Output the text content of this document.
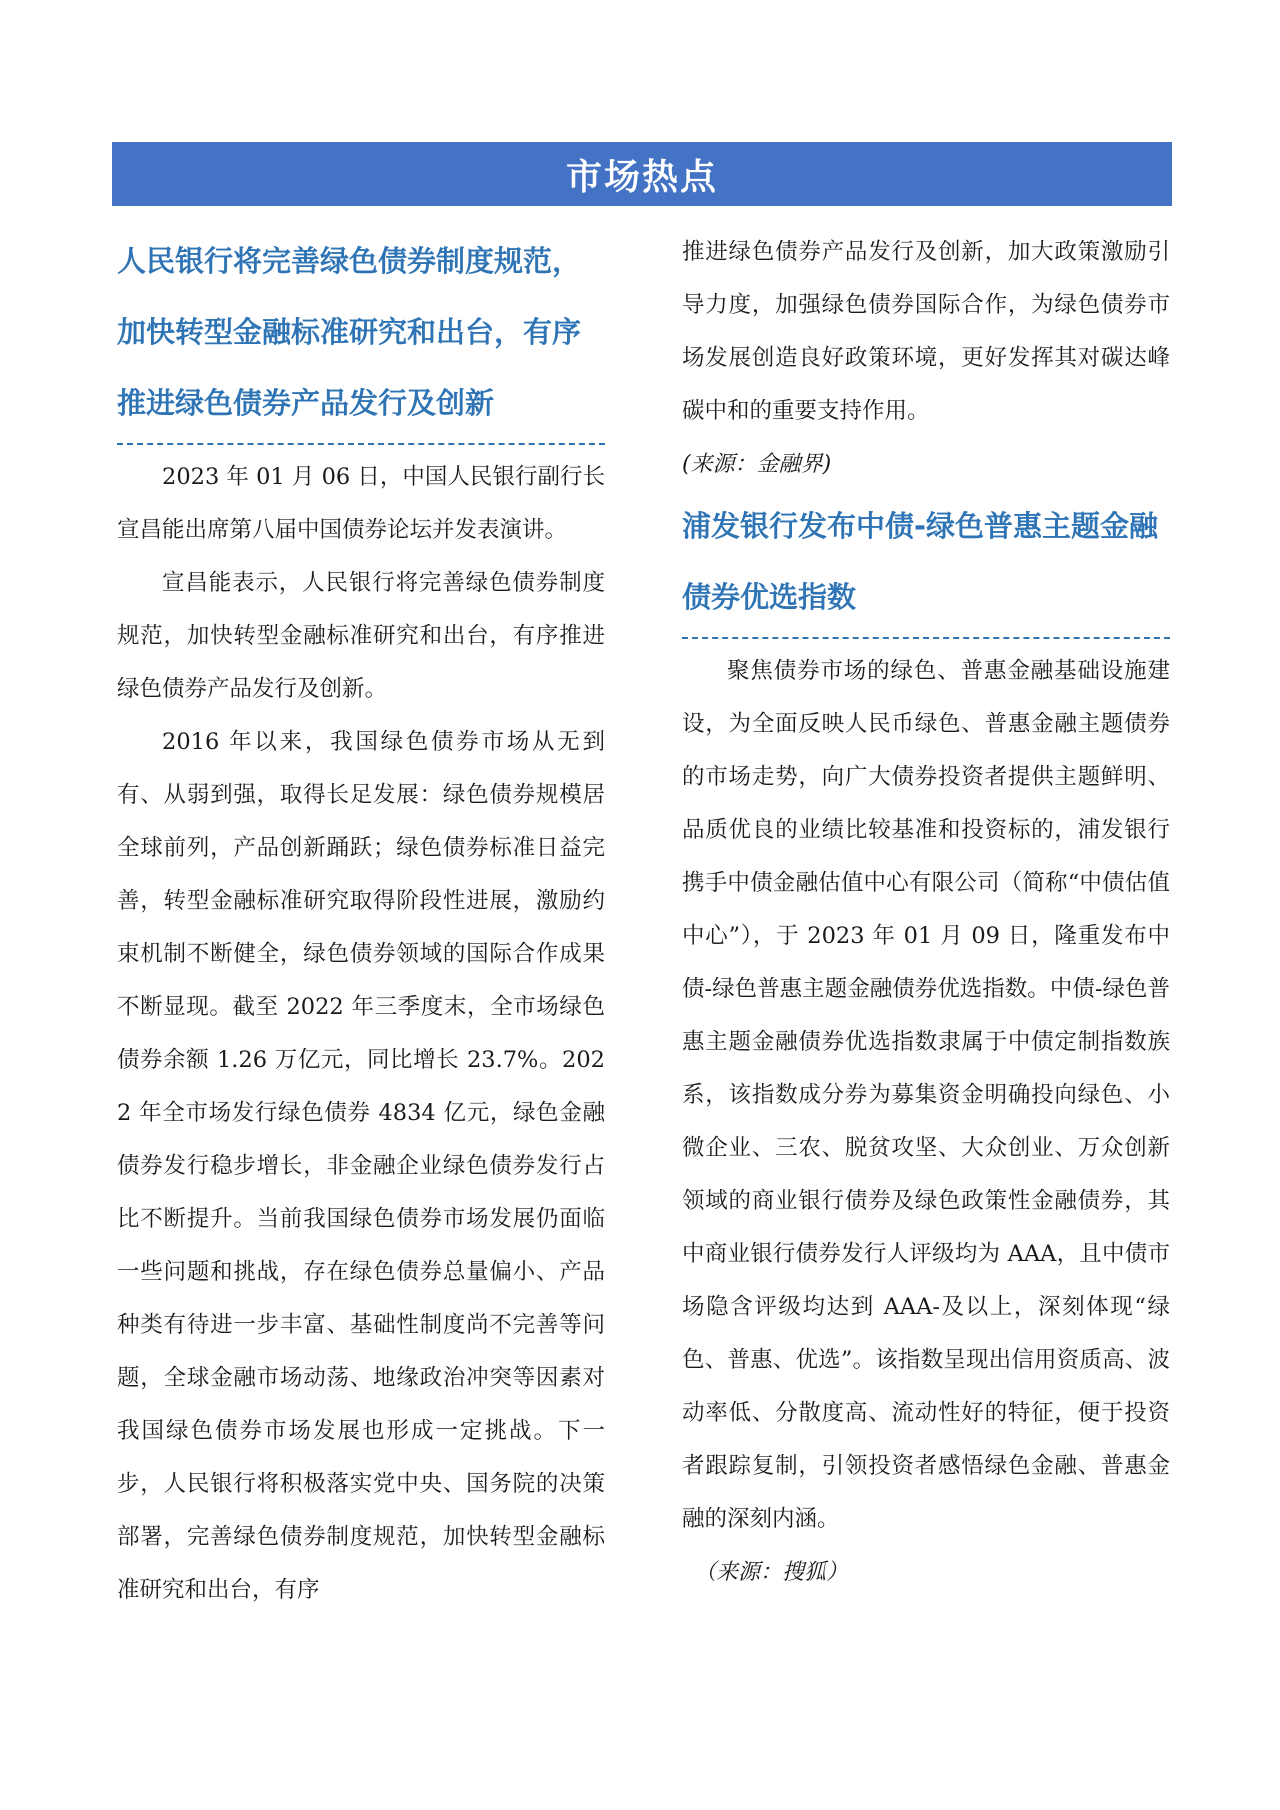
市场热点
人民银行将完善绿色债券制度规范，加快转型金融标准研究和出台，有序推进绿色债券产品发行及创新

2023 年 01 月 06 日，中国人民银行副行长宣昌能出席第八届中国债券论坛并发表演讲。

宣昌能表示，人民银行将完善绿色债券制度规范，加快转型金融标准研究和出台，有序推进绿色债券产品发行及创新。

2016 年以来，我国绿色债券市场从无到有、从弱到强，取得长足发展：绿色债券规模居全球前列，产品创新踊跃；绿色债券标准日益完善，转型金融标准研究取得阶段性进展，激励约束机制不断健全，绿色债券领域的国际合作成果不断显现。截至 2022 年三季度末，全市场绿色债券余额 1.26 万亿元，同比增长 23.7%。2022 年全市场发行绿色债券 4834 亿元，绿色金融债券发行稳步增长，非金融企业绿色债券发行占比不断提升。当前我国绿色债券市场发展仍面临一些问题和挑战，存在绿色债券总量偏小、产品种类有待进一步丰富、基础性制度尚不完善等问题，全球金融市场动荡、地缘政治冲突等因素对我国绿色债券市场发展也形成一定挑战。下一步，人民银行将积极落实党中央、国务院的决策部署，完善绿色债券制度规范，加快转型金融标准研究和出台，有序

推进绿色债券产品发行及创新，加大政策激励引导力度，加强绿色债券国际合作，为绿色债券市场发展创造良好政策环境，更好发挥其对碳达峰碳中和的重要支持作用。

(来源：金融界)

浦发银行发布中债-绿色普惠主题金融债券优选指数

聚焦债券市场的绿色、普惠金融基础设施建设，为全面反映人民币绿色、普惠金融主题债券的市场走势，向广大债券投资者提供主题鲜明、品质优良的业绩比较基准和投资标的，浦发银行携手中债金融估值中心有限公司（简称“中债估值中心”），于 2023 年 01 月 09 日，隆重发布中债-绿色普惠主题金融债券优选指数。中债-绿色普惠主题金融债券优选指数隶属于中债定制指数族系，该指数成分券为募集资金明确投向绿色、小微企业、三农、脱贫攻坚、大众创业、万众创新领域的商业银行债券及绿色政策性金融债券，其中商业银行债券发行人评级均为 AAA，且中债市场隐含评级均达到 AAA-及以上，深刻体现“绿色、普惠、优选”。该指数呈现出信用资质高、波动率低、分散度高、流动性好的特征，便于投资者跟踪复制，引领投资者感悟绿色金融、普惠金融的深刻内涵。

（来源：搜狐）
